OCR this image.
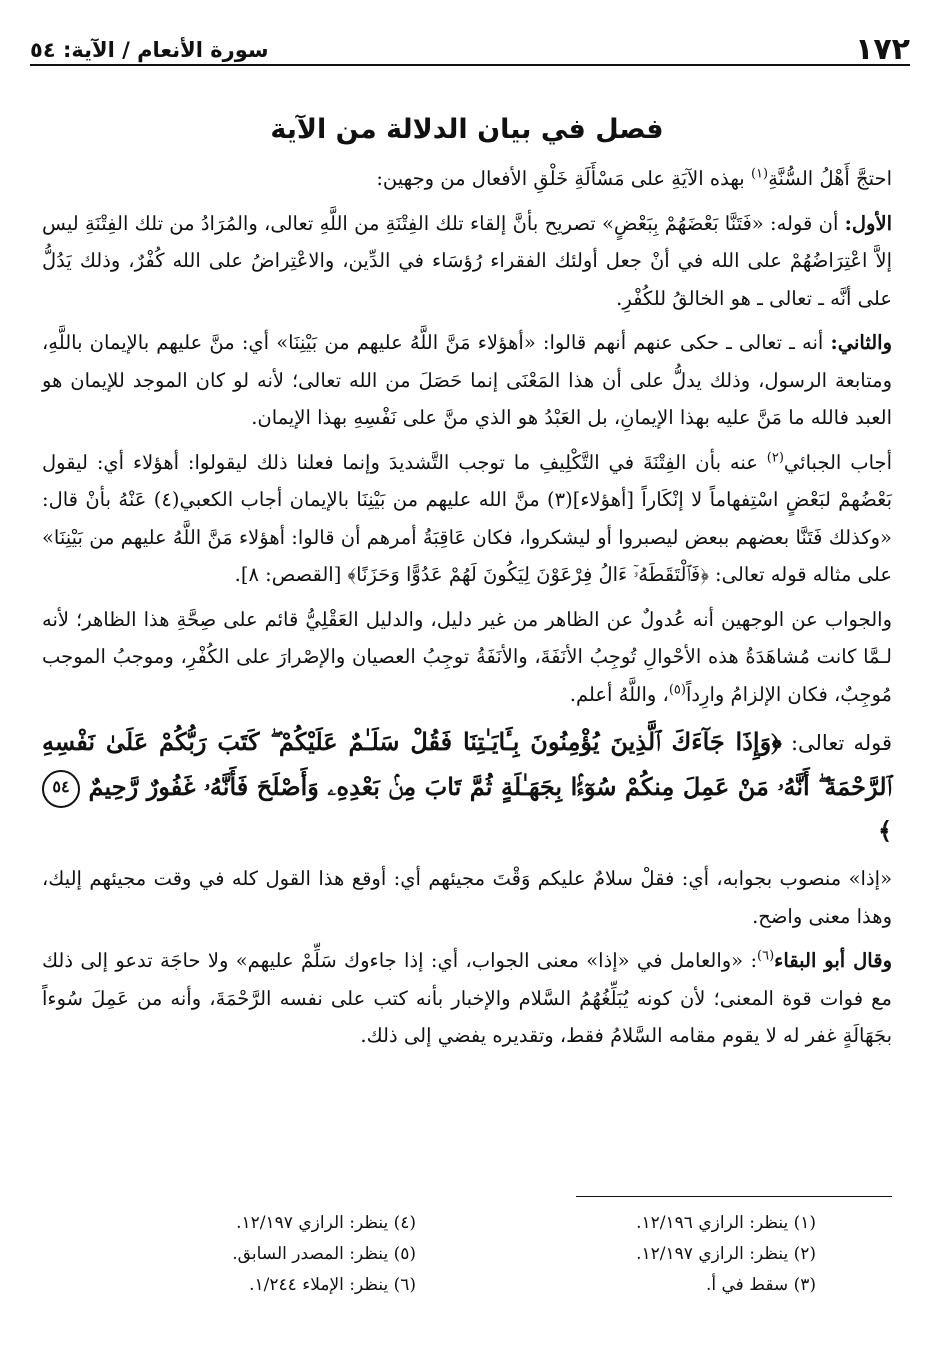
١٧٢
سورة الأنعام / الآية: ٥٤
فصل في بيان الدلالة من الآية

احتجَّ أَهْلُ السُّنَّةِ$^{(١)}$ بهذه الآيَةِ على مَسْأَلَةِ خَلْقِ الأفعال من وجهين:

الأول: أن قوله: «فَتَنَّا بَعْضَهُمْ بِبَعْضٍ» تصريح بأنَّ إلقاء تلك الفِتْنَةِ من اللَّهِ تعالى، والمُرَادُ من تلك الفِتْنَةِ ليس إلاَّ اعْتِرَاضُهُمْ على الله في أنْ جعل أولئك الفقراء رُؤسَاء في الدِّين، والاعْتِراضُ على الله كُفْرٌ، وذلك يَدُلُّ على أنَّه ـ تعالى ـ هو الخالقُ للكُفْرِ.

والثاني: أنه ـ تعالى ـ حكى عنهم أنهم قالوا: «أهؤلاء مَنَّ اللَّهُ عليهم من بَيْنِنَا» أي: منَّ عليهم بالإيمان باللَّهِ، ومتابعة الرسول، وذلك يدلُّ على أن هذا المَعْنَى إنما حَصَلَ من الله تعالى؛ لأنه لو كان الموجد للإيمان هو العبد فالله ما مَنَّ عليه بهذا الإيمانِ، بل العَبْدُ هو الذي منَّ على نَفْسِهِ بهذا الإيمان.

أجاب الجبائي$^{(٢)}$ عنه بأن الفِتْنَةَ في التَّكْلِيفِ ما توجب التَّشديدَ وإنما فعلنا ذلك ليقولوا: أهؤلاء أي: ليقول بَعْضُهمْ لبَعْضٍ اسْتِفهاماً لا إنْكَاراً [أهؤلاء](٣) منَّ الله عليهم من بَيْنِنَا بالإيمان أجاب الكعبي(٤) عَنْهُ بأنْ قال: «وكذلك فَتَنَّا بعضهم ببعض ليصبروا أو ليشكروا، فكان عَاقِبَةُ أمرهم أن قالوا: أهؤلاء مَنَّ اللَّهُ عليهم من بَيْنِنَا» على مثاله قوله تعالى: ﴿فَٱلْتَقَطَهُۥٓ ءَالُ فِرْعَوْنَ لِيَكُونَ لَهُمْ عَدُوًّا وَحَزَنًا﴾ [القصص: ٨].

والجواب عن الوجهين أنه عُدولٌ عن الظاهر من غير دليل، والدليل العَقْلِيُّ قائم على صِحَّةِ هذا الظاهر؛ لأنه لـمَّا كانت مُشاهَدَةُ هذه الأحْوالِ تُوجِبُ الأنَفَةَ، والأنَفَةُ توجِبُ العصيان والإصْرارَ على الكُفْرِ، وموجبُ الموجب مُوجِبٌ، فكان الإلزامُ وارِداً$^{(٥)}$، واللَّهُ أعلم.

قوله تعالى: ﴿وَإِذَا جَآءَكَ ٱلَّذِينَ يُؤْمِنُونَ بِـَٔايَـٰتِنَا فَقُلْ سَلَـٰمٌ عَلَيْكُمْ ۖ كَتَبَ رَبُّكُمْ عَلَىٰ نَفْسِهِ ٱلرَّحْمَةَ ۖ أَنَّهُۥ مَنْ عَمِلَ مِنكُمْ سُوٓءًۢا بِجَهَـٰلَةٍ ثُمَّ تَابَ مِنۢ بَعْدِهِۦ وَأَصْلَحَ فَأَنَّهُۥ غَفُورٌ رَّحِيمٌ ٥٤﴾

«إذا» منصوب بجوابه، أي: فقلْ سلامٌ عليكم وَقْتَ مجيئهم أي: أوقع هذا القول كله في وقت مجيئهم إليك، وهذا معنى واضح.

وقال أبو البقاء$^{(٦)}$: «والعامل في «إذا» معنى الجواب، أي: إذا جاءوك سَلِّمْ عليهم» ولا حاجَة تدعو إلى ذلك مع فوات قوة المعنى؛ لأن كونه يُبَلِّغُهُمُ السَّلام والإخبار بأنه كتب على نفسه الرَّحْمَةَ، وأنه من عَمِلَ سُوءاً بجَهَالَةٍ غفر له لا يقوم مقامه السَّلامُ فقط، وتقديره يفضي إلى ذلك.

(١) ينظر: الرازي ١٢/١٩٦.
(٢) ينظر: الرازي ١٢/١٩٧.
(٣) سقط في أ.
(٤) ينظر: الرازي ١٢/١٩٧.
(٥) ينظر: المصدر السابق.
(٦) ينظر: الإملاء ١/٢٤٤.
